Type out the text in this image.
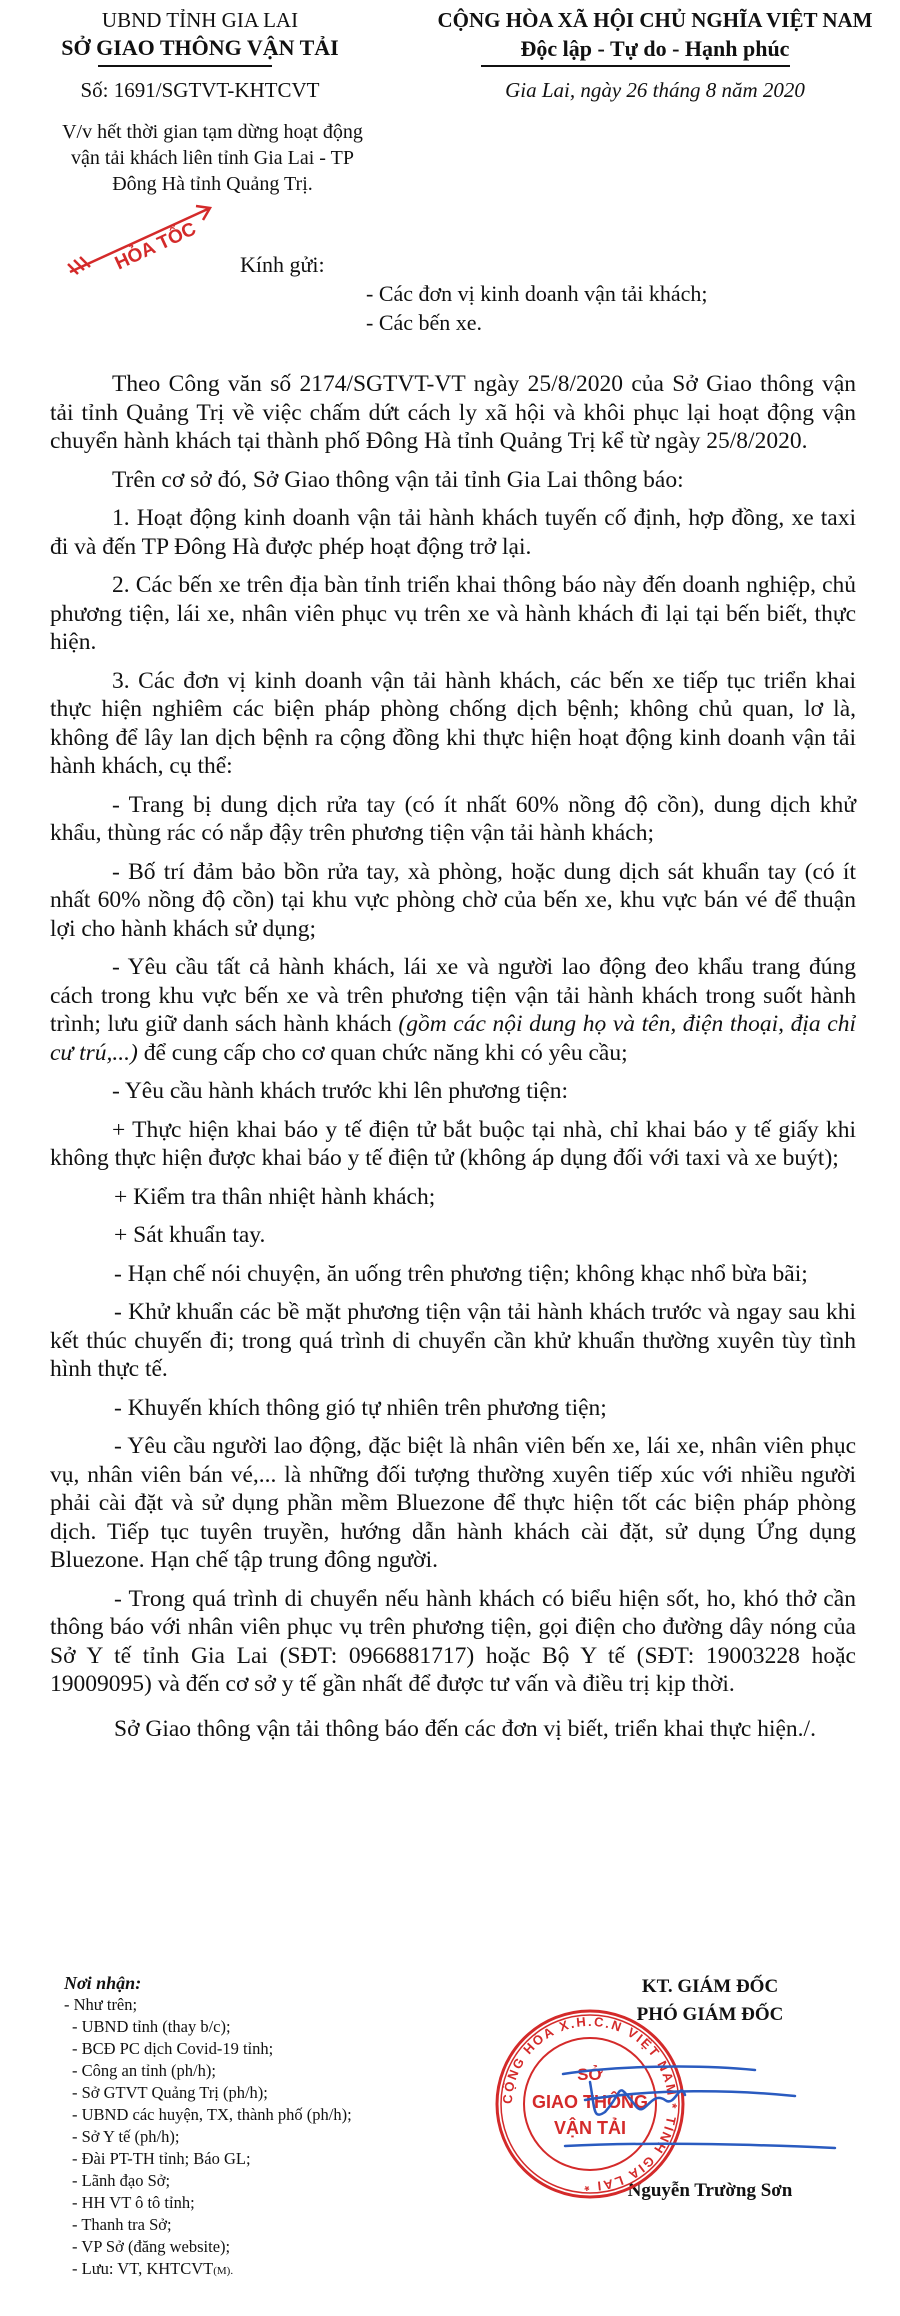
UBND TỈNH GIA LAI
SỞ GIAO THÔNG VẬN TẢI
CỘNG HÒA XÃ HỘI CHỦ NGHĨA VIỆT NAM
Độc lập - Tự do - Hạnh phúc
Số: 1691/SGTVT-KHTCVT	Gia Lai, ngày 26 tháng 8 năm 2020
V/v hết thời gian tạm dừng hoạt động
vận tải khách liên tỉnh Gia Lai - TP
Đông Hà tỉnh Quảng Trị.
HỎA TỐC Kính gửi:
- Các đơn vị kinh doanh vận tải khách;
- Các bến xe.

Theo Công văn số 2174/SGTVT-VT ngày 25/8/2020 của Sở Giao thông vận tải tỉnh Quảng Trị về việc chấm dứt cách ly xã hội và khôi phục lại hoạt động vận chuyển hành khách tại thành phố Đông Hà tỉnh Quảng Trị kể từ ngày 25/8/2020.

Trên cơ sở đó, Sở Giao thông vận tải tỉnh Gia Lai thông báo:

1. Hoạt động kinh doanh vận tải hành khách tuyến cố định, hợp đồng, xe taxi đi và đến TP Đông Hà được phép hoạt động trở lại.

2. Các bến xe trên địa bàn tỉnh triển khai thông báo này đến doanh nghiệp, chủ phương tiện, lái xe, nhân viên phục vụ trên xe và hành khách đi lại tại bến biết, thực hiện.

3. Các đơn vị kinh doanh vận tải hành khách, các bến xe tiếp tục triển khai thực hiện nghiêm các biện pháp phòng chống dịch bệnh; không chủ quan, lơ là, không để lây lan dịch bệnh ra cộng đồng khi thực hiện hoạt động kinh doanh vận tải hành khách, cụ thể:

- Trang bị dung dịch rửa tay (có ít nhất 60% nồng độ cồn), dung dịch khử khẩu, thùng rác có nắp đậy trên phương tiện vận tải hành khách;

- Bố trí đảm bảo bồn rửa tay, xà phòng, hoặc dung dịch sát khuẩn tay (có ít nhất 60% nồng độ cồn) tại khu vực phòng chờ của bến xe, khu vực bán vé để thuận lợi cho hành khách sử dụng;

- Yêu cầu tất cả hành khách, lái xe và người lao động đeo khẩu trang đúng cách trong khu vực bến xe và trên phương tiện vận tải hành khách trong suốt hành trình; lưu giữ danh sách hành khách (gồm các nội dung họ và tên, điện thoại, địa chỉ cư trú,...) để cung cấp cho cơ quan chức năng khi có yêu cầu;

- Yêu cầu hành khách trước khi lên phương tiện:

+ Thực hiện khai báo y tế điện tử bắt buộc tại nhà, chỉ khai báo y tế giấy khi không thực hiện được khai báo y tế điện tử (không áp dụng đối với taxi và xe buýt);

+ Kiểm tra thân nhiệt hành khách;

+ Sát khuẩn tay.

- Hạn chế nói chuyện, ăn uống trên phương tiện; không khạc nhổ bừa bãi;

- Khử khuẩn các bề mặt phương tiện vận tải hành khách trước và ngay sau khi kết thúc chuyến đi; trong quá trình di chuyển cần khử khuẩn thường xuyên tùy tình hình thực tế.

- Khuyến khích thông gió tự nhiên trên phương tiện;

- Yêu cầu người lao động, đặc biệt là nhân viên bến xe, lái xe, nhân viên phục vụ, nhân viên bán vé,... là những đối tượng thường xuyên tiếp xúc với nhiều người phải cài đặt và sử dụng phần mềm Bluezone để thực hiện tốt các biện pháp phòng dịch. Tiếp tục tuyên truyền, hướng dẫn hành khách cài đặt, sử dụng Ứng dụng Bluezone. Hạn chế tập trung đông người.

- Trong quá trình di chuyển nếu hành khách có biểu hiện sốt, ho, khó thở cần thông báo với nhân viên phục vụ trên phương tiện, gọi điện cho đường dây nóng của Sở Y tế tỉnh Gia Lai (SĐT: 0966881717) hoặc Bộ Y tế (SĐT: 19003228 hoặc 19009095) và đến cơ sở y tế gần nhất để được tư vấn và điều trị kịp thời.

Sở Giao thông vận tải thông báo đến các đơn vị biết, triển khai thực hiện./.

Nơi nhận:
- Như trên;
- UBND tỉnh (thay b/c);
- BCĐ PC dịch Covid-19 tỉnh;
- Công an tỉnh (ph/h);
- Sở GTVT Quảng Trị (ph/h);
- UBND các huyện, TX, thành phố (ph/h);
- Sở Y tế (ph/h);
- Đài PT-TH tỉnh; Báo GL;
- Lãnh đạo Sở;
- HH VT ô tô tỉnh;
- Thanh tra Sở;
- VP Sở (đăng website);
- Lưu: VT, KHTCVT(M).
KT. GIÁM ĐỐC
PHÓ GIÁM ĐỐC
Nguyễn Trường Sơn
CỘNG HÒA X.H.C.N VIỆT NAM * TỈNH GIA LAI *
SỞ
GIAO THÔNG
VẬN TẢI
